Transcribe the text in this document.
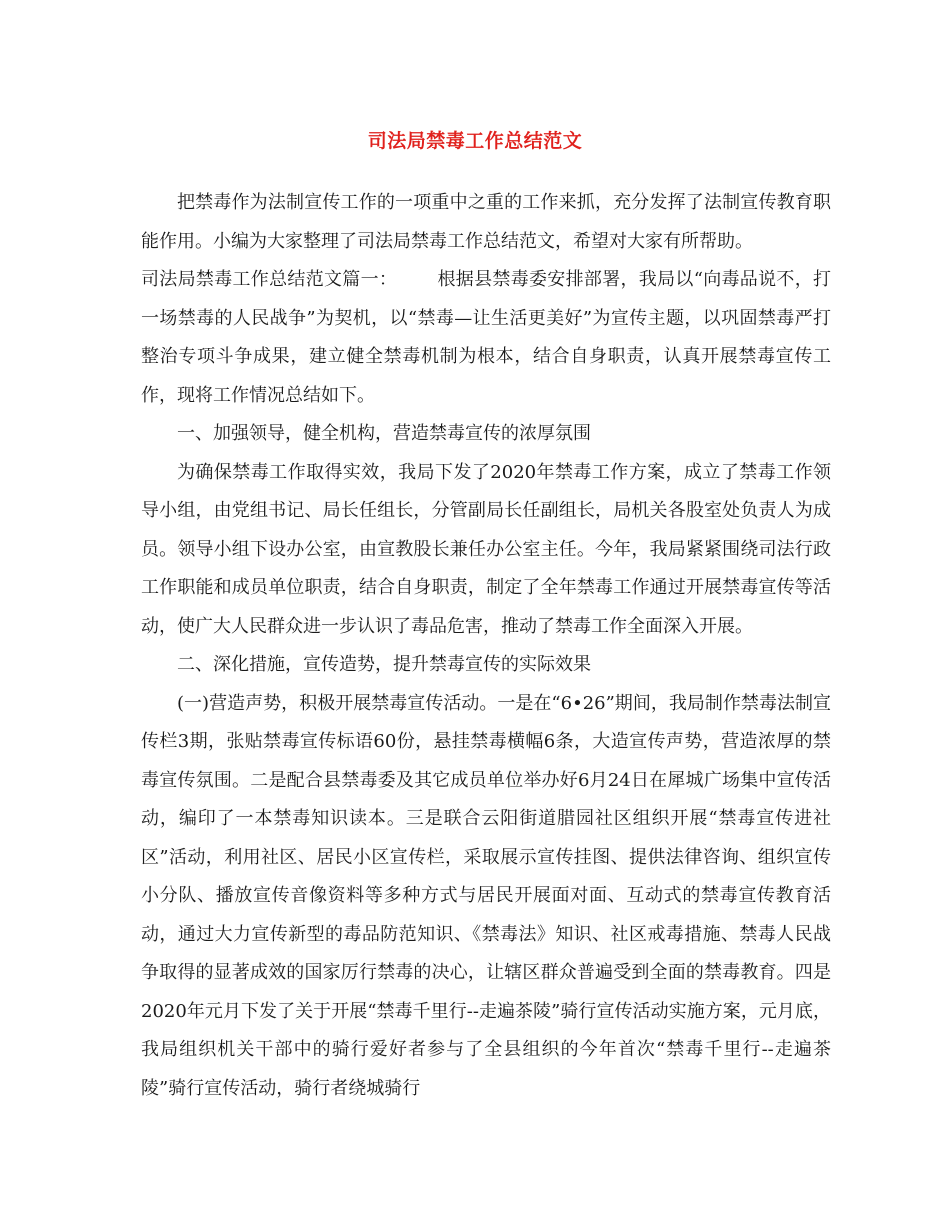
司法局禁毒工作总结范文

把禁毒作为法制宣传工作的一项重中之重的工作来抓，充分发挥了法制宣传教育职能作用。小编为大家整理了司法局禁毒工作总结范文，希望对大家有所帮助。

司法局禁毒工作总结范文篇一： 根据县禁毒委安排部署，我局以“向毒品说不，打一场禁毒的人民战争”为契机，以“禁毒—让生活更美好”为宣传主题，以巩固禁毒严打整治专项斗争成果，建立健全禁毒机制为根本，结合自身职责，认真开展禁毒宣传工作，现将工作情况总结如下。

一、加强领导，健全机构，营造禁毒宣传的浓厚氛围

为确保禁毒工作取得实效，我局下发了2020年禁毒工作方案，成立了禁毒工作领导小组，由党组书记、局长任组长，分管副局长任副组长，局机关各股室处负责人为成员。领导小组下设办公室，由宣教股长兼任办公室主任。今年，我局紧紧围绕司法行政工作职能和成员单位职责，结合自身职责，制定了全年禁毒工作通过开展禁毒宣传等活动，使广大人民群众进一步认识了毒品危害，推动了禁毒工作全面深入开展。

二、深化措施，宣传造势，提升禁毒宣传的实际效果

(一)营造声势，积极开展禁毒宣传活动。一是在“6•26”期间，我局制作禁毒法制宣传栏3期，张贴禁毒宣传标语60份，悬挂禁毒横幅6条，大造宣传声势，营造浓厚的禁毒宣传氛围。二是配合县禁毒委及其它成员单位举办好6月24日在犀城广场集中宣传活动，编印了一本禁毒知识读本。三是联合云阳街道腊园社区组织开展“禁毒宣传进社区”活动，利用社区、居民小区宣传栏，采取展示宣传挂图、提供法律咨询、组织宣传小分队、播放宣传音像资料等多种方式与居民开展面对面、互动式的禁毒宣传教育活动，通过大力宣传新型的毒品防范知识、《禁毒法》知识、社区戒毒措施、禁毒人民战争取得的显著成效的国家厉行禁毒的决心，让辖区群众普遍受到全面的禁毒教育。四是2020年元月下发了关于开展“禁毒千里行--走遍茶陵”骑行宣传活动实施方案，元月底，我局组织机关干部中的骑行爱好者参与了全县组织的今年首次“禁毒千里行--走遍茶陵”骑行宣传活动，骑行者绕城骑行
